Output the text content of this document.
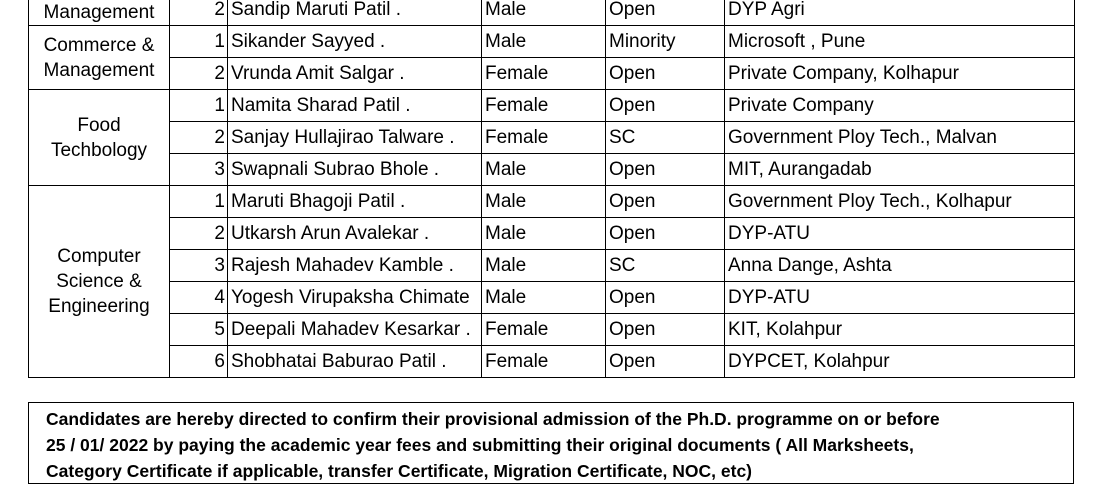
Management	2	Sandip Maruti Patil .	Male	Open	DYP Agri
Commerce & Management	1	Sikander Sayyed .	Male	Minority	Microsoft , Pune
	2	Vrunda Amit Salgar .	Female	Open	Private Company, Kolhapur
Food Techbology	1	Namita Sharad Patil .	Female	Open	Private Company
	2	Sanjay Hullajirao Talware .	Female	SC	Government Ploy Tech., Malvan
	3	Swapnali Subrao Bhole .	Male	Open	MIT, Aurangadab
Computer Science & Engineering	1	Maruti Bhagoji Patil .	Male	Open	Government Ploy Tech., Kolhapur
	2	Utkarsh Arun Avalekar .	Male	Open	DYP-ATU
	3	Rajesh Mahadev Kamble .	Male	SC	Anna Dange, Ashta
	4	Yogesh Virupaksha Chimate	Male	Open	DYP-ATU
	5	Deepali Mahadev Kesarkar .	Female	Open	KIT, Kolahpur
	6	Shobhatai Baburao Patil .	Female	Open	DYPCET, Kolahpur
Candidates are hereby directed to confirm their provisional admission of the Ph.D. programme on or before
25 / 01/ 2022 by paying the academic year fees and submitting their original documents ( All Marksheets,
Category Certificate if applicable, transfer Certificate, Migration Certificate, NOC, etc)
